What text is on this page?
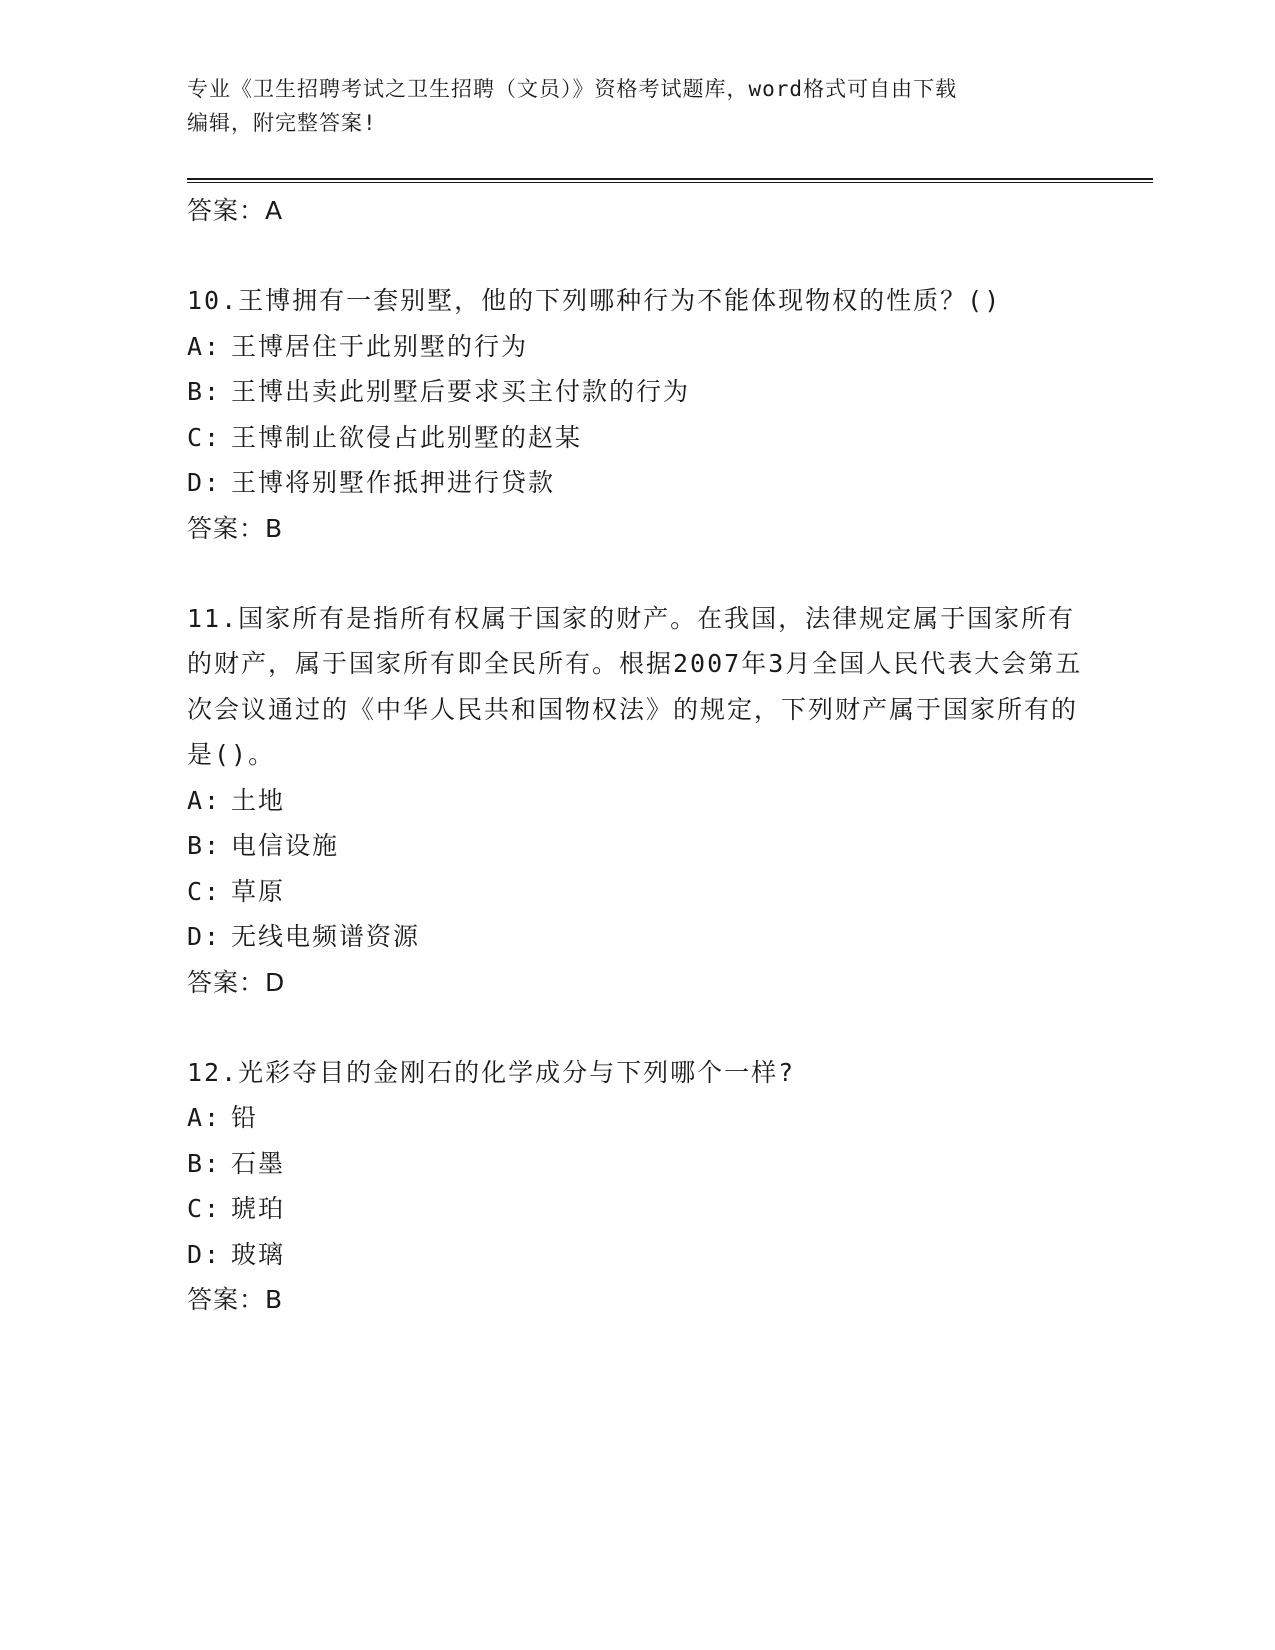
专业《卫生招聘考试之卫生招聘（文员）》资格考试题库，word格式可自由下载
编辑，附完整答案!
答案：A
10.王博拥有一套别墅，他的下列哪种行为不能体现物权的性质？()
A: 王博居住于此别墅的行为
B: 王博出卖此别墅后要求买主付款的行为
C: 王博制止欲侵占此别墅的赵某
D: 王博将别墅作抵押进行贷款
答案：B
11.国家所有是指所有权属于国家的财产。在我国，法律规定属于国家所有的财产，属于国家所有即全民所有。根据2007年3月全国人民代表大会第五次会议通过的《中华人民共和国物权法》的规定，下列财产属于国家所有的是()。
A: 土地
B: 电信设施
C: 草原
D: 无线电频谱资源
答案：D
12.光彩夺目的金刚石的化学成分与下列哪个一样?
A: 铅
B: 石墨
C: 琥珀
D: 玻璃
答案：B
